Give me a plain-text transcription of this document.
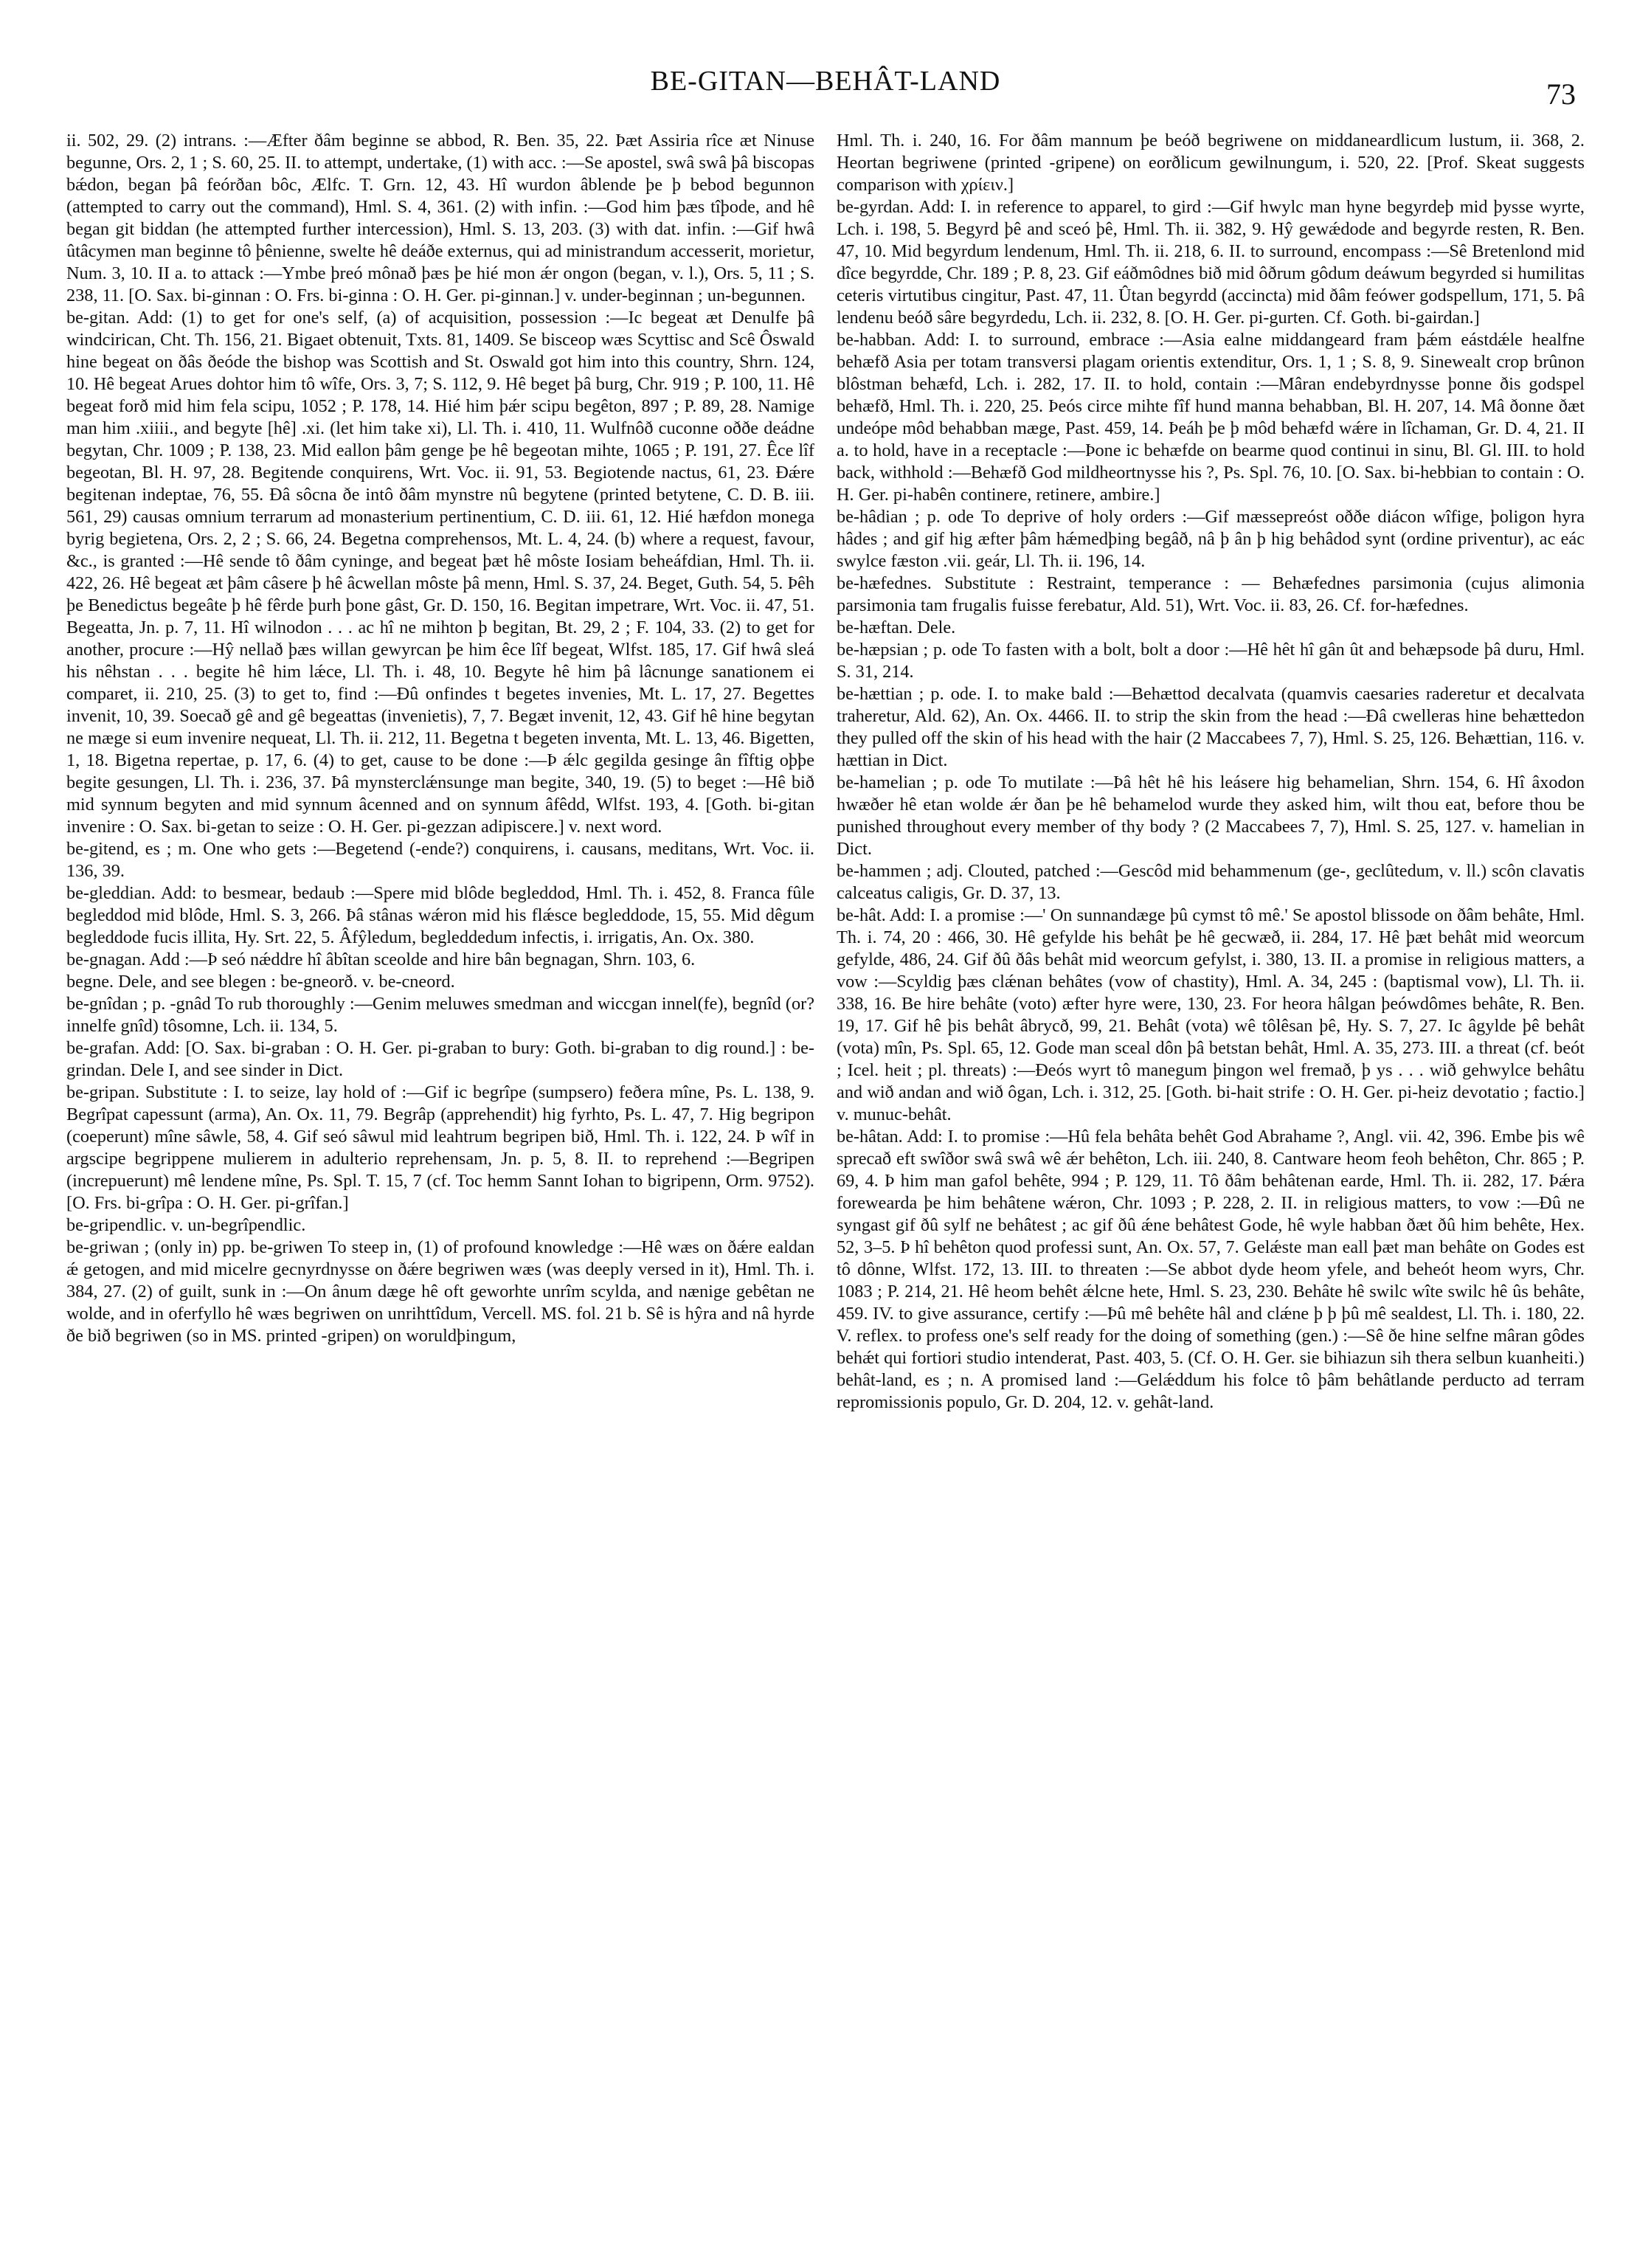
BE-GITAN—BEHÂT-LAND	73

ii. 502, 29. (2) intrans. :—Æfter ðâm beginne se abbod, R. Ben. 35, 22. Þæt Assiria rîce æt Ninuse begunne, Ors. 2, 1 ; S. 60, 25. II. to attempt, undertake, (1) with acc. :—Se apostel, swâ swâ þâ biscopas bǽdon, began þâ feórðan bôc, Ælfc. T. Grn. 12, 43. Hî wurdon âblende þe þ bebod begunnon (attempted to carry out the command), Hml. S. 4, 361. (2) with infin. :—God him þæs tîþode, and hê began git biddan (he attempted further intercession), Hml. S. 13, 203. (3) with dat. infin. :—Gif hwâ ûtâcymen man beginne tô þênienne, swelte hê deáðe externus, qui ad ministrandum accesserit, morietur, Num. 3, 10. II a. to attack :—Ymbe þreó mônað þæs þe hié mon ǽr ongon (began, v. l.), Ors. 5, 11 ; S. 238, 11. [O. Sax. bi-ginnan : O. Frs. bi-ginna : O. H. Ger. pi-ginnan.] v. under-beginnan ; un-begunnen.

be-gitan. Add: (1) to get for one's self, (a) of acquisition, possession :—Ic begeat æt Denulfe þâ windcirican, Cht. Th. 156, 21. Bigaet obtenuit, Txts. 81, 1409. Se bisceop wæs Scyttisc and Scê Ôswald hine begeat on ðâs ðeóde the bishop was Scottish and St. Oswald got him into this country, Shrn. 124, 10. Hê begeat Arues dohtor him tô wîfe, Ors. 3, 7; S. 112, 9. Hê beget þâ burg, Chr. 919 ; P. 100, 11. Hê begeat forð mid him fela scipu, 1052 ; P. 178, 14. Hié him þǽr scipu begêton, 897 ; P. 89, 28. Namige man him .xiiii., and begyte [hê] .xi. (let him take xi), Ll. Th. i. 410, 11. Wulfnôð cuconne oððe deádne begytan, Chr. 1009 ; P. 138, 23. Mid eallon þâm genge þe hê begeotan mihte, 1065 ; P. 191, 27. Êce lîf begeotan, Bl. H. 97, 28. Begitende conquirens, Wrt. Voc. ii. 91, 53. Begiotende nactus, 61, 23. Ðǽre begitenan indeptae, 76, 55. Ðâ sôcna ðe intô ðâm mynstre nû begytene (printed betytene, C. D. B. iii. 561, 29) causas omnium terrarum ad monasterium pertinentium, C. D. iii. 61, 12. Hié hæfdon monega byrig begietena, Ors. 2, 2 ; S. 66, 24. Begetna comprehensos, Mt. L. 4, 24. (b) where a request, favour, &c., is granted :—Hê sende tô ðâm cyninge, and begeat þæt hê môste Iosiam beheáfdian, Hml. Th. ii. 422, 26. Hê begeat æt þâm câsere þ hê âcwellan môste þâ menn, Hml. S. 37, 24. Beget, Guth. 54, 5. Þêh þe Benedictus begeâte þ hê fêrde þurh þone gâst, Gr. D. 150, 16. Begitan impetrare, Wrt. Voc. ii. 47, 51. Begeatta, Jn. p. 7, 11. Hî wilnodon . . . ac hî ne mihton þ begitan, Bt. 29, 2 ; F. 104, 33. (2) to get for another, procure :—Hŷ nellað þæs willan gewyrcan þe him êce lîf begeat, Wlfst. 185, 17. Gif hwâ sleá his nêhstan . . . begite hê him lǽce, Ll. Th. i. 48, 10. Begyte hê him þâ lâcnunge sanationem ei comparet, ii. 210, 25. (3) to get to, find :—Ðû onfindes t begetes invenies, Mt. L. 17, 27. Begettes invenit, 10, 39. Soecað gê and gê begeattas (invenietis), 7, 7. Begæt invenit, 12, 43. Gif hê hine begytan ne mæge si eum invenire nequeat, Ll. Th. ii. 212, 11. Begetna t begeten inventa, Mt. L. 13, 46. Bigetten, 1, 18. Bigetna repertae, p. 17, 6. (4) to get, cause to be done :—Þ ǽlc gegilda gesinge ân fîftig oþþe begite gesungen, Ll. Th. i. 236, 37. Þâ mynsterclǽnsunge man begite, 340, 19. (5) to beget :—Hê bið mid synnum begyten and mid synnum âcenned and on synnum âfêdd, Wlfst. 193, 4. [Goth. bi-gitan invenire : O. Sax. bi-getan to seize : O. H. Ger. pi-gezzan adipiscere.] v. next word.

be-gitend, es ; m. One who gets :—Begetend (-ende?) conquirens, i. causans, meditans, Wrt. Voc. ii. 136, 39.

be-gleddian. Add: to besmear, bedaub :—Spere mid blôde begleddod, Hml. Th. i. 452, 8. Franca fûle begleddod mid blôde, Hml. S. 3, 266. Þâ stânas wǽron mid his flǽsce begleddode, 15, 55. Mid dêgum begleddode fucis illita, Hy. Srt. 22, 5. Âfŷledum, begleddedum infectis, i. irrigatis, An. Ox. 380.

be-gnagan. Add :—Þ seó nǽddre hî âbîtan sceolde and hire bân begnagan, Shrn. 103, 6.

begne. Dele, and see blegen : be-gneorð. v. be-cneord.

be-gnîdan ; p. -gnâd To rub thoroughly :—Genim meluwes smedman and wiccgan innel(fe), begnîd (or? innelfe gnîd) tôsomne, Lch. ii. 134, 5.

be-grafan. Add: [O. Sax. bi-graban : O. H. Ger. pi-graban to bury: Goth. bi-graban to dig round.] : be-grindan. Dele I, and see sinder in Dict.

be-gripan. Substitute : I. to seize, lay hold of :—Gif ic begrîpe (sumpsero) feðera mîne, Ps. L. 138, 9. Begrîpat capessunt (arma), An. Ox. 11, 79. Begrâp (apprehendit) hig fyrhto, Ps. L. 47, 7. Hig begripon (coeperunt) mîne sâwle, 58, 4. Gif seó sâwul mid leahtrum begripen bið, Hml. Th. i. 122, 24. Þ wîf in argscipe begrippene mulierem in adulterio reprehensam, Jn. p. 5, 8. II. to reprehend :—Begripen (increpuerunt) mê lendene mîne, Ps. Spl. T. 15, 7 (cf. Toc hemm Sannt Iohan to bigripenn, Orm. 9752). [O. Frs. bi-grîpa : O. H. Ger. pi-grîfan.]

be-gripendlic. v. un-begrîpendlic.

be-griwan ; (only in) pp. be-griwen To steep in, (1) of profound knowledge :—Hê wæs on ðǽre ealdan ǽ getogen, and mid micelre gecnyrdnysse on ðǽre begriwen wæs (was deeply versed in it), Hml. Th. i. 384, 27. (2) of guilt, sunk in :—On ânum dæge hê oft geworhte unrîm scylda, and nænige gebêtan ne wolde, and in oferfyllo hê wæs begriwen on unrihttîdum, Vercell. MS. fol. 21 b. Sê is hŷra and nâ hyrde ðe bið begriwen (so in MS. printed -gripen) on woruldþingum,

Hml. Th. i. 240, 16. For ðâm mannum þe beóð begriwene on middaneardlicum lustum, ii. 368, 2. Heortan begriwene (printed -gripene) on eorðlicum gewilnungum, i. 520, 22. [Prof. Skeat suggests comparison with χρίειν.]

be-gyrdan. Add: I. in reference to apparel, to gird :—Gif hwylc man hyne begyrdeþ mid þysse wyrte, Lch. i. 198, 5. Begyrd þê and sceó þê, Hml. Th. ii. 382, 9. Hŷ gewǽdode and begyrde resten, R. Ben. 47, 10. Mid begyrdum lendenum, Hml. Th. ii. 218, 6. II. to surround, encompass :—Sê Bretenlond mid dîce begyrdde, Chr. 189 ; P. 8, 23. Gif eáðmôdnes bið mid ôðrum gôdum deáwum begyrded si humilitas ceteris virtutibus cingitur, Past. 47, 11. Ûtan begyrdd (accincta) mid ðâm feówer godspellum, 171, 5. Þâ lendenu beóð sâre begyrdedu, Lch. ii. 232, 8. [O. H. Ger. pi-gurten. Cf. Goth. bi-gairdan.]

be-habban. Add: I. to surround, embrace :—Asia ealne middangeard fram þǽm eástdǽle healfne behæfð Asia per totam transversi plagam orientis extenditur, Ors. 1, 1 ; S. 8, 9. Sinewealt crop brûnon blôstman behæfd, Lch. i. 282, 17. II. to hold, contain :—Mâran endebyrdnysse þonne ðis godspel behæfð, Hml. Th. i. 220, 25. Þeós circe mihte fîf hund manna behabban, Bl. H. 207, 14. Mâ ðonne ðæt undeópe môd behabban mæge, Past. 459, 14. Þeáh þe þ môd behæfd wǽre in lîchaman, Gr. D. 4, 21. II a. to hold, have in a receptacle :—Þone ic behæfde on bearme quod continui in sinu, Bl. Gl. III. to hold back, withhold :—Behæfð God mildheortnysse his ?, Ps. Spl. 76, 10. [O. Sax. bi-hebbian to contain : O. H. Ger. pi-habên continere, retinere, ambire.]

be-hâdian ; p. ode To deprive of holy orders :—Gif mæssepreóst oððe diácon wîfige, þoligon hyra hâdes ; and gif hig æfter þâm hǽmedþing begâð, nâ þ ân þ hig behâdod synt (ordine priventur), ac eác swylce fæston .vii. geár, Ll. Th. ii. 196, 14.

be-hæfednes. Substitute : Restraint, temperance : — Behæfednes parsimonia (cujus alimonia parsimonia tam frugalis fuisse ferebatur, Ald. 51), Wrt. Voc. ii. 83, 26. Cf. for-hæfednes.

be-hæftan. Dele.

be-hæpsian ; p. ode To fasten with a bolt, bolt a door :—Hê hêt hî gân ût and behæpsode þâ duru, Hml. S. 31, 214.

be-hættian ; p. ode. I. to make bald :—Behættod decalvata (quamvis caesaries raderetur et decalvata traheretur, Ald. 62), An. Ox. 4466. II. to strip the skin from the head :—Ðâ cwelleras hine behættedon they pulled off the skin of his head with the hair (2 Maccabees 7, 7), Hml. S. 25, 126. Behættian, 116. v. hættian in Dict.

be-hamelian ; p. ode To mutilate :—Þâ hêt hê his leásere hig behamelian, Shrn. 154, 6. Hî âxodon hwæðer hê etan wolde ǽr ðan þe hê behamelod wurde they asked him, wilt thou eat, before thou be punished throughout every member of thy body ? (2 Maccabees 7, 7), Hml. S. 25, 127. v. hamelian in Dict.

be-hammen ; adj. Clouted, patched :—Gescôd mid behammenum (ge-, geclûtedum, v. ll.) scôn clavatis calceatus caligis, Gr. D. 37, 13.

be-hât. Add: I. a promise :—' On sunnandæge þû cymst tô mê.' Se apostol blissode on ðâm behâte, Hml. Th. i. 74, 20 : 466, 30. Hê gefylde his behât þe hê gecwæð, ii. 284, 17. Hê þæt behât mid weorcum gefylde, 486, 24. Gif ðû ðâs behât mid weorcum gefylst, i. 380, 13. II. a promise in religious matters, a vow :—Scyldig þæs clǽnan behâtes (vow of chastity), Hml. A. 34, 245 : (baptismal vow), Ll. Th. ii. 338, 16. Be hire behâte (voto) æfter hyre were, 130, 23. For heora hâlgan þeówdômes behâte, R. Ben. 19, 17. Gif hê þis behât âbrycð, 99, 21. Behât (vota) wê tôlêsan þê, Hy. S. 7, 27. Ic âgylde þê behât (vota) mîn, Ps. Spl. 65, 12. Gode man sceal dôn þâ betstan behât, Hml. A. 35, 273. III. a threat (cf. beót ; Icel. heit ; pl. threats) :—Ðeós wyrt tô manegum þingon wel fremað, þ ys . . . wið gehwylce behâtu and wið andan and wið ôgan, Lch. i. 312, 25. [Goth. bi-hait strife : O. H. Ger. pi-heiz devotatio ; factio.] v. munuc-behât.

be-hâtan. Add: I. to promise :—Hû fela behâta behêt God Abrahame ?, Angl. vii. 42, 396. Embe þis wê sprecað eft swîðor swâ swâ wê ǽr behêton, Lch. iii. 240, 8. Cantware heom feoh behêton, Chr. 865 ; P. 69, 4. Þ him man gafol behête, 994 ; P. 129, 11. Tô ðâm behâtenan earde, Hml. Th. ii. 282, 17. Þǽra forewearda þe him behâtene wǽron, Chr. 1093 ; P. 228, 2. II. in religious matters, to vow :—Ðû ne syngast gif ðû sylf ne behâtest ; ac gif ðû ǽne behâtest Gode, hê wyle habban ðæt ðû him behête, Hex. 52, 3–5. Þ hî behêton quod professi sunt, An. Ox. 57, 7. Gelǽste man eall þæt man behâte on Godes est tô dônne, Wlfst. 172, 13. III. to threaten :—Se abbot dyde heom yfele, and beheót heom wyrs, Chr. 1083 ; P. 214, 21. Hê heom behêt ǽlcne hete, Hml. S. 23, 230. Behâte hê swilc wîte swilc hê ûs behâte, 459. IV. to give assurance, certify :—Þû mê behête hâl and clǽne þ þ þû mê sealdest, Ll. Th. i. 180, 22. V. reflex. to profess one's self ready for the doing of something (gen.) :—Sê ðe hine selfne mâran gôdes behǽt qui fortiori studio intenderat, Past. 403, 5. (Cf. O. H. Ger. sie bihiazun sih thera selbun kuanheiti.)

behât-land, es ; n. A promised land :—Gelǽddum his folce tô þâm behâtlande perducto ad terram repromissionis populo, Gr. D. 204, 12. v. gehât-land.
